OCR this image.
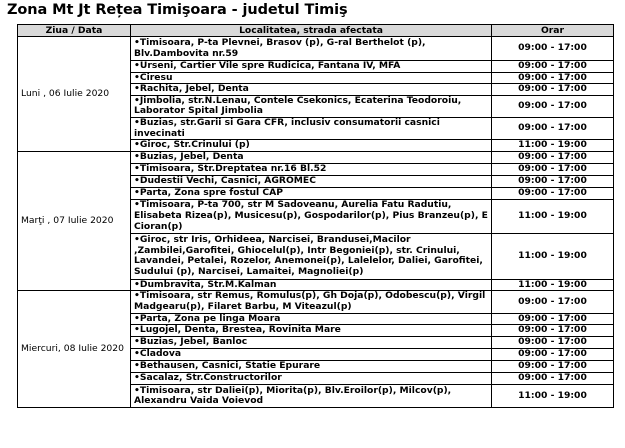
Zona Mt Jt Rețea Timişoara - judetul Timiş
Ziua / Data	Localitatea, strada afectata	Orar
Luni , 06 Iulie 2020	•Timisoara, P-ta Plevnei, Brasov (p), G-ral Berthelot (p), Blv.Dambovita nr.59	09:00 - 17:00
	•Urseni, Cartier Vile spre Rudicica, Fantana IV, MFA	09:00 - 17:00
	•Ciresu	09:00 - 17:00
	•Rachita, Jebel, Denta	09:00 - 17:00
	•Jimbolia, str.N.Lenau, Contele Csekonics, Ecaterina Teodoroiu, Laborator Spital Jimbolia	09:00 - 17:00
	•Buzias, str.Garii si Gara CFR, inclusiv consumatorii casnici invecinati	09:00 - 17:00
	•Giroc, Str.Crinului (p)	11:00 - 19:00
Marţi , 07 Iulie 2020	•Buzias, Jebel, Denta	09:00 - 17:00
	•Timisoara, Str.Dreptatea nr.16 Bl.52	09:00 - 17:00
	•Dudestii Vechi, Casnici, AGROMEC	09:00 - 17:00
	•Parta, Zona spre fostul CAP	09:00 - 17:00
	•Timisoara, P-ta 700, str M Sadoveanu, Aurelia Fatu Radutiu, Elisabeta Rizea(p), Musicesu(p), Gospodarilor(p), Pius Branzeu(p), E Cioran(p)	11:00 - 19:00
	•Giroc, str Iris, Orhideea, Narcisei, Brandusei,Macilor ,Zambilei,Garofitei, Ghiocelul(p), Intr Begoniei(p), str. Crinului, Lavandei, Petalei, Rozelor, Anemonei(p), Lalelelor, Daliei, Garofitei, Sudului (p), Narcisei, Lamaitei, Magnoliei(p)	11:00 - 19:00
	•Dumbravita, Str.M.Kalman	11:00 - 19:00
Miercuri, 08 Iulie 2020	•Timisoara, str Remus, Romulus(p), Gh Doja(p), Odobescu(p), Virgil Madgearu(p), Filaret Barbu, M Viteazul(p)	09:00 - 17:00
	•Parta, Zona pe linga Moara	09:00 - 17:00
	•Lugojel, Denta, Brestea, Rovinita Mare	09:00 - 17:00
	•Buzias, Jebel, Banloc	09:00 - 17:00
	•Cladova	09:00 - 17:00
	•Bethausen, Casnici, Statie Epurare	09:00 - 17:00
	•Sacalaz, Str.Constructorilor	09:00 - 17:00
	•Timisoara, str Daliei(p), Miorita(p), Blv.Eroilor(p), Milcov(p), Alexandru Vaida Voievod	11:00 - 19:00
